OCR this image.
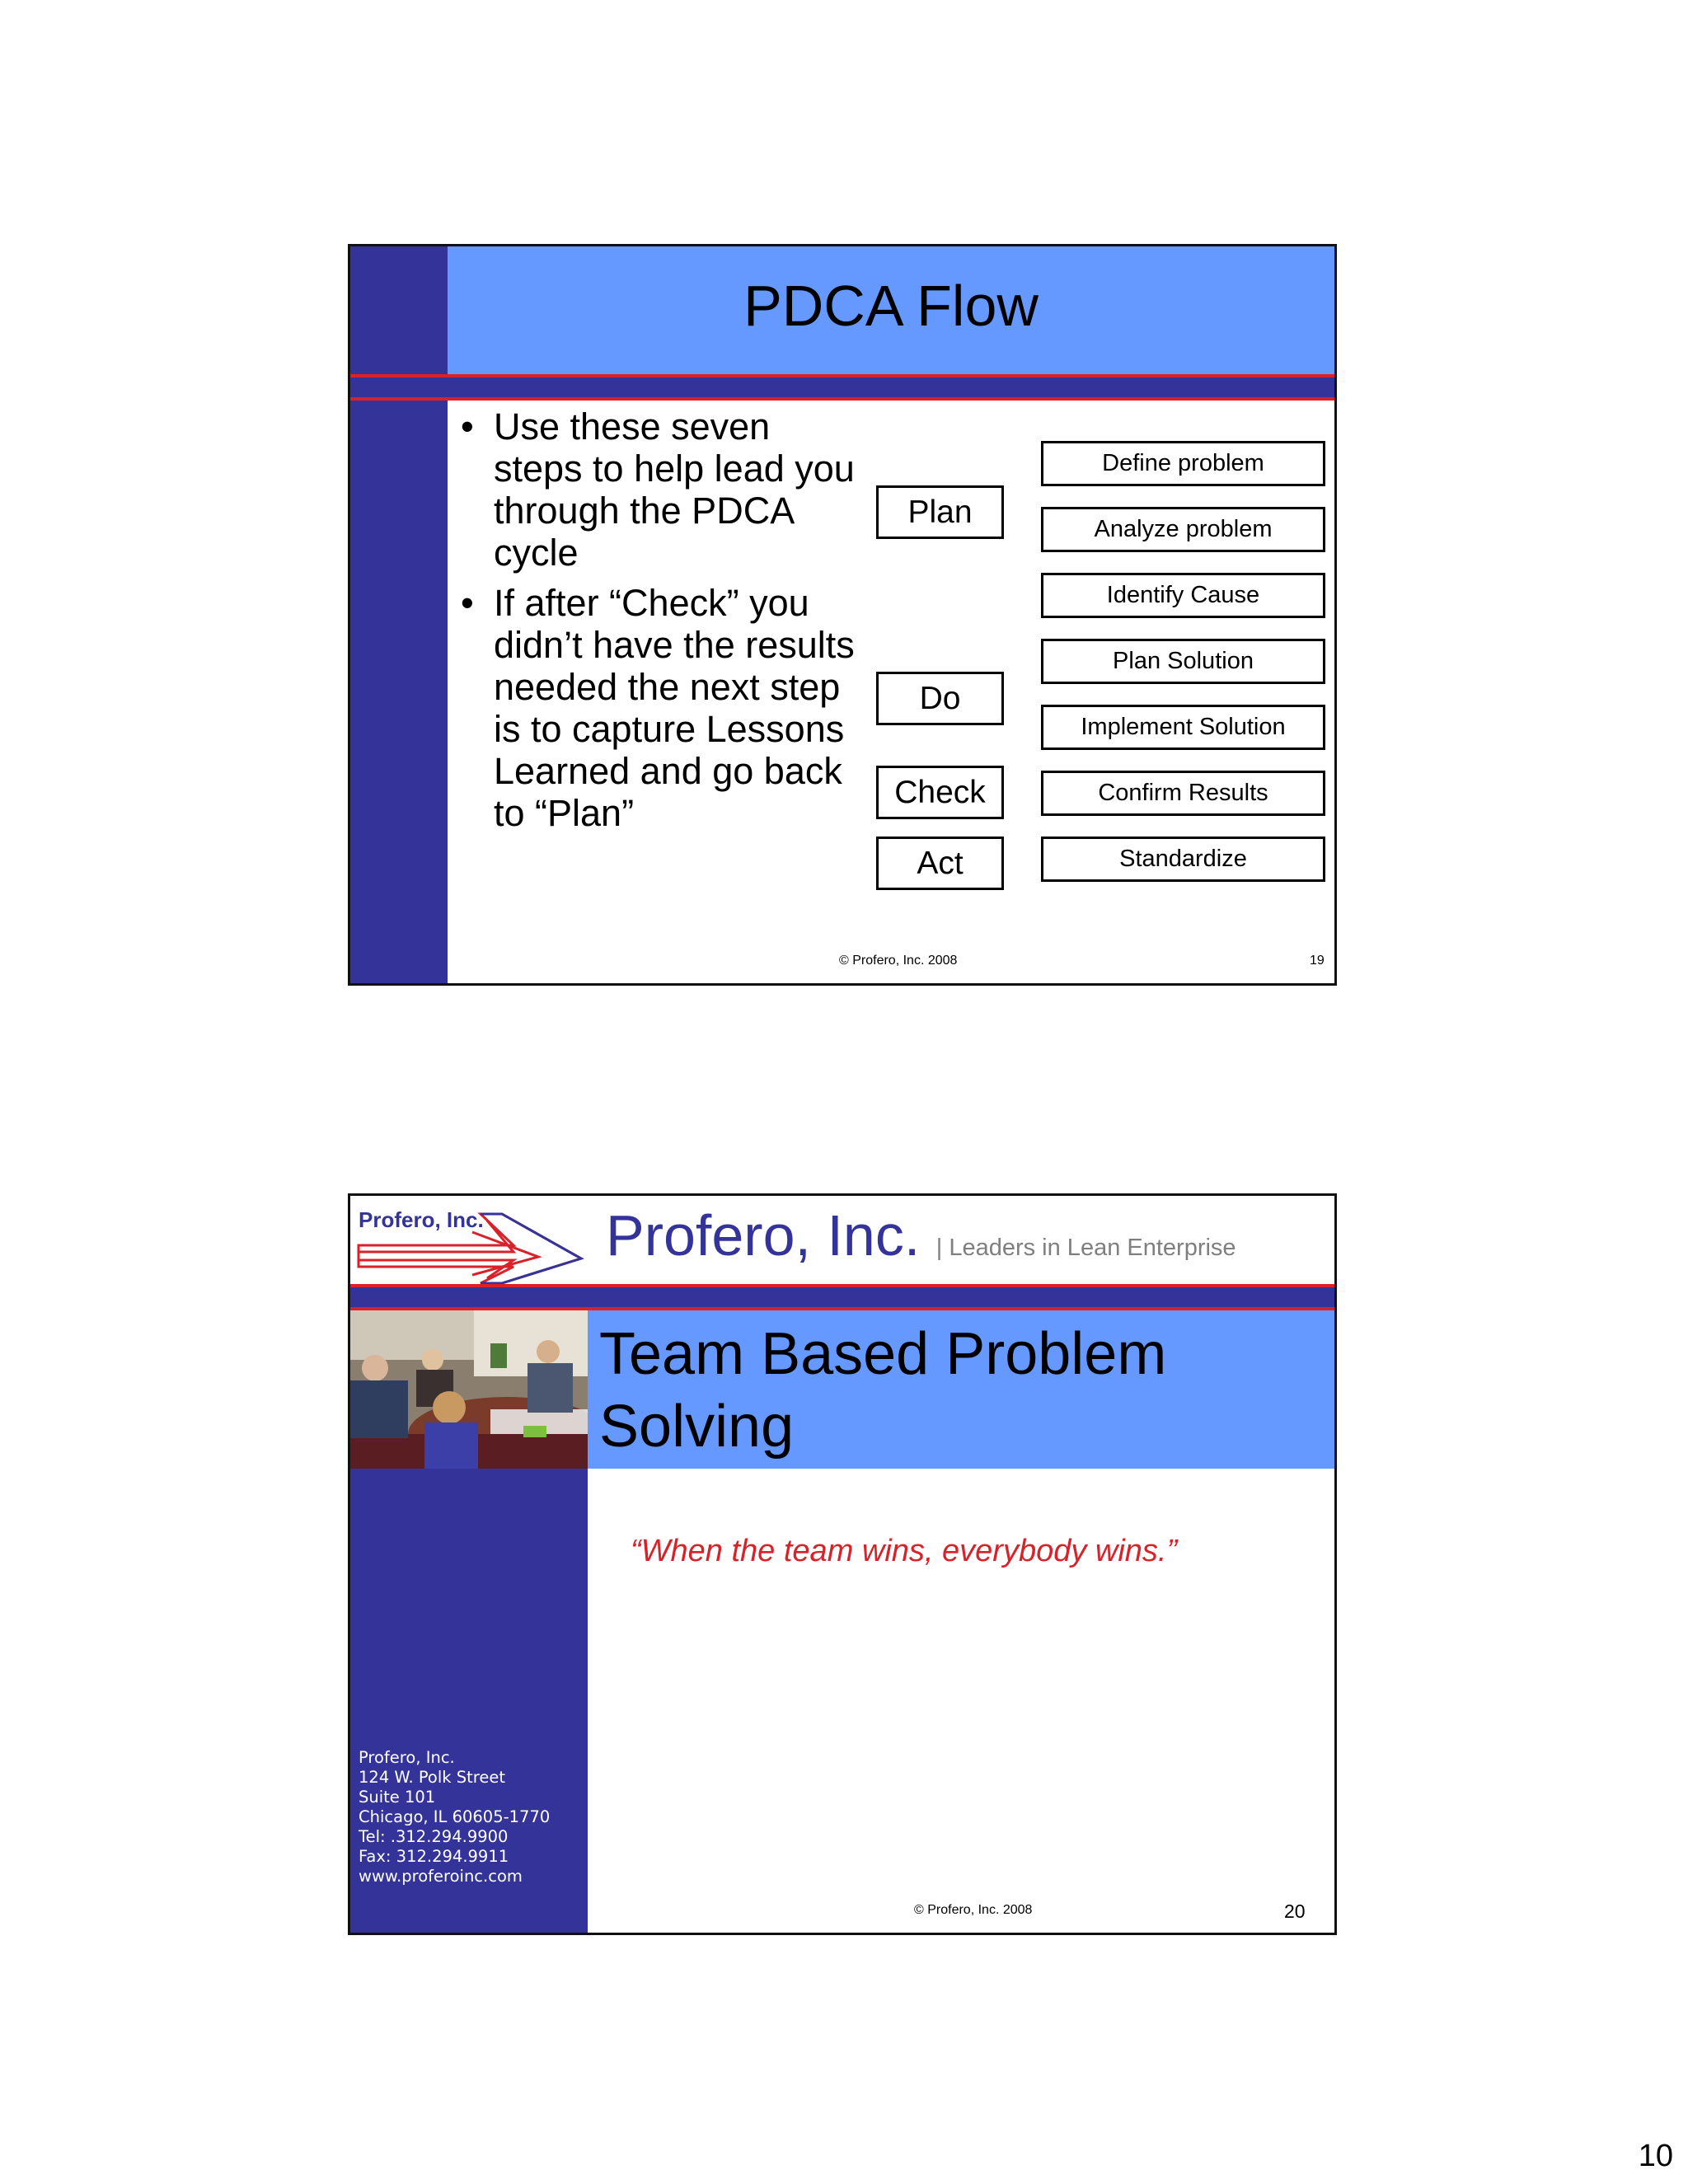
PDCA Flow
• Use these seven steps to help lead you through the PDCA cycle
• If after “Check” you didn’t have the results needed the next step is to capture Lessons Learned and go back to “Plan”
Plan
Do
Check
Act
Define problem
Analyze problem
Identify Cause
Plan Solution
Implement Solution
Confirm Results
Standardize
© Profero, Inc. 2008	19
Profero, Inc. Profero, Inc. | Leaders in Lean Enterprise
Team Based Problem Solving
“When the team wins, everybody wins.”
Profero, Inc.
124 W. Polk Street
Suite 101
Chicago, IL 60605-1770
Tel: .312.294.9900
Fax: 312.294.9911
www.proferoinc.com
© Profero, Inc. 2008	20
10
